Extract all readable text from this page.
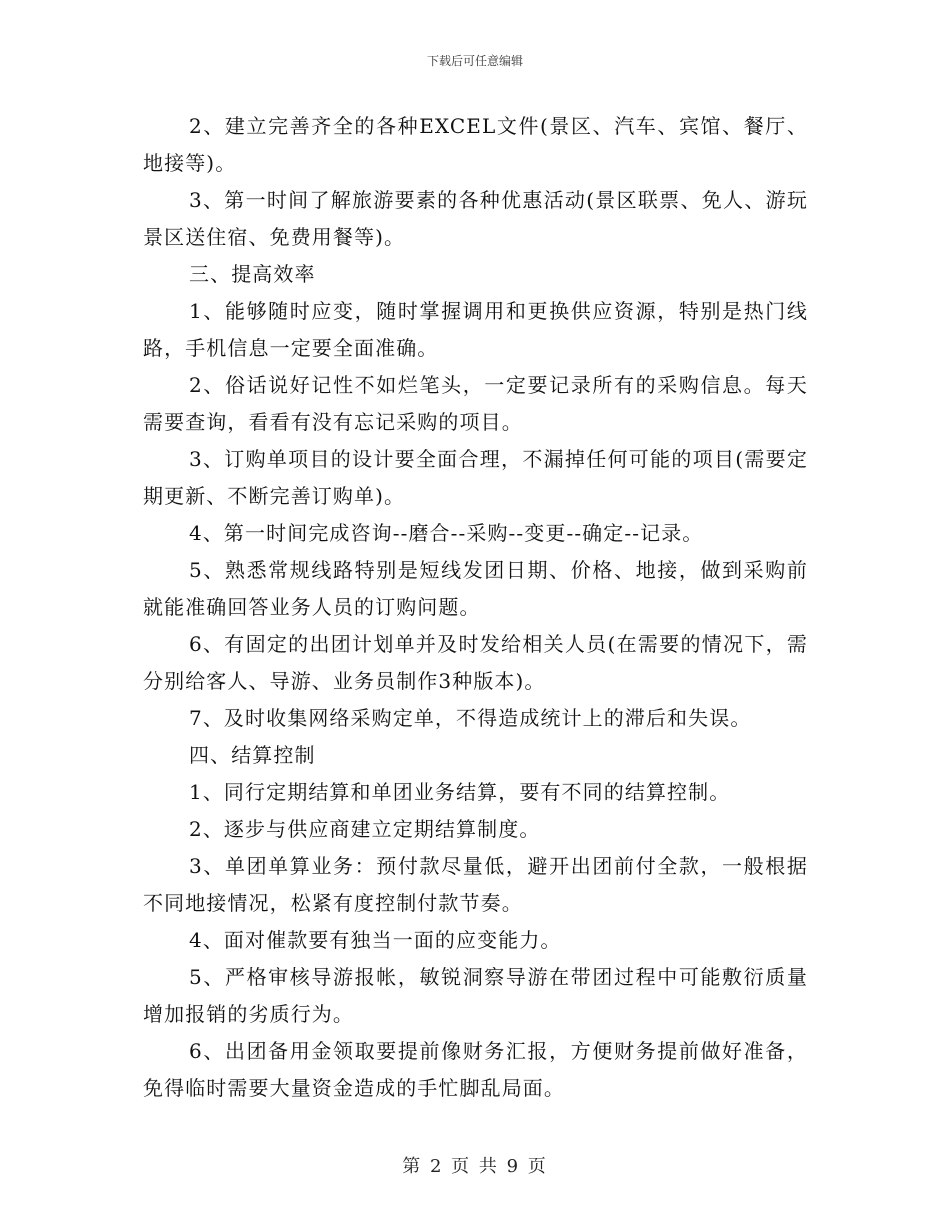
下载后可任意编辑

2、建立完善齐全的各种EXCEL文件(景区、汽车、宾馆、餐厅、地接等)。

3、第一时间了解旅游要素的各种优惠活动(景区联票、免人、游玩景区送住宿、免费用餐等)。

三、提高效率

1、能够随时应变，随时掌握调用和更换供应资源，特别是热门线路，手机信息一定要全面准确。

2、俗话说好记性不如烂笔头，一定要记录所有的采购信息。每天需要查询，看看有没有忘记采购的项目。

3、订购单项目的设计要全面合理，不漏掉任何可能的项目(需要定期更新、不断完善订购单)。

4、第一时间完成咨询--磨合--采购--变更--确定--记录。

5、熟悉常规线路特别是短线发团日期、价格、地接，做到采购前就能准确回答业务人员的订购问题。

6、有固定的出团计划单并及时发给相关人员(在需要的情况下，需分别给客人、导游、业务员制作3种版本)。

7、及时收集网络采购定单，不得造成统计上的滞后和失误。

四、结算控制

1、同行定期结算和单团业务结算，要有不同的结算控制。

2、逐步与供应商建立定期结算制度。

3、单团单算业务：预付款尽量低，避开出团前付全款，一般根据不同地接情况，松紧有度控制付款节奏。

4、面对催款要有独当一面的应变能力。

5、严格审核导游报帐，敏锐洞察导游在带团过程中可能敷衍质量增加报销的劣质行为。

6、出团备用金领取要提前像财务汇报，方便财务提前做好准备，免得临时需要大量资金造成的手忙脚乱局面。

第 2 页 共 9 页
